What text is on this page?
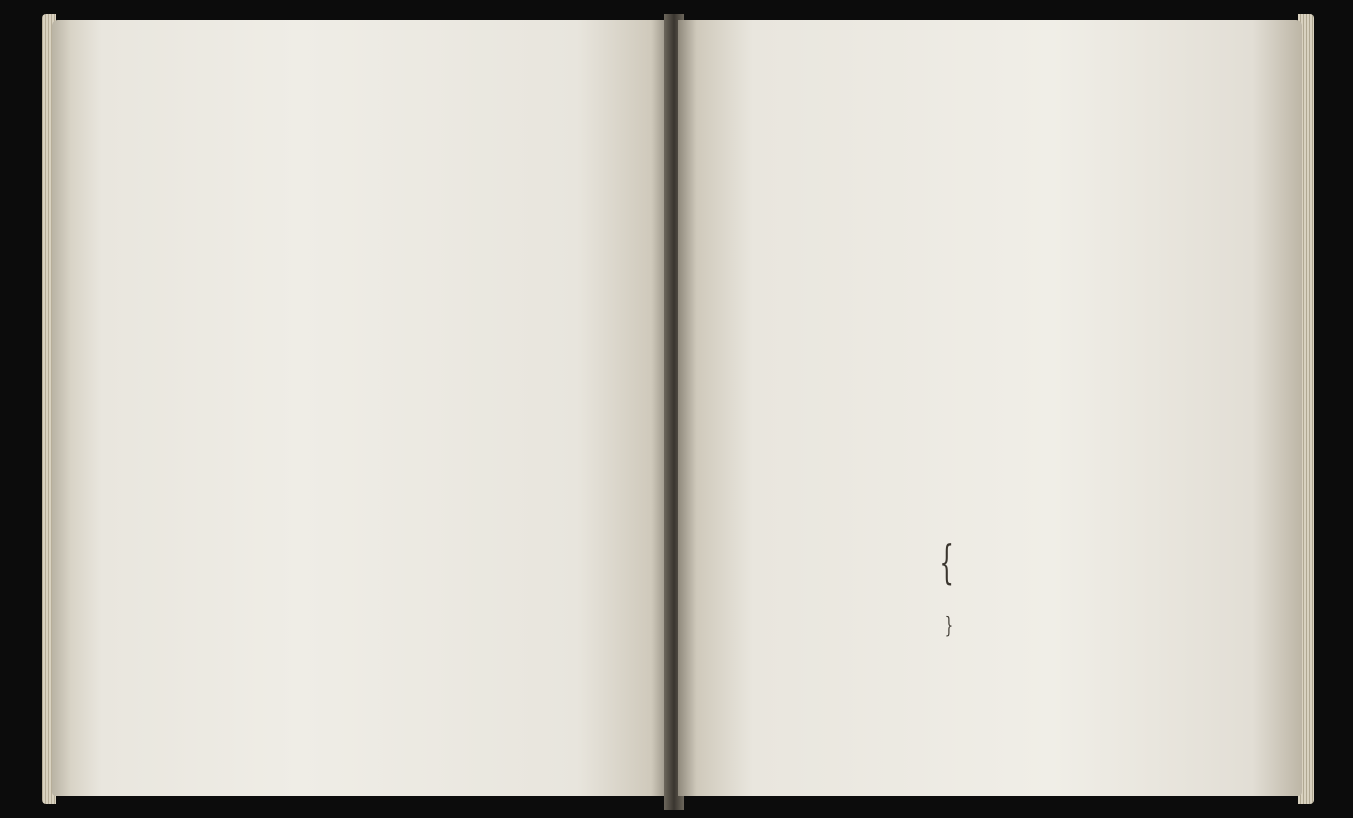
{
}
